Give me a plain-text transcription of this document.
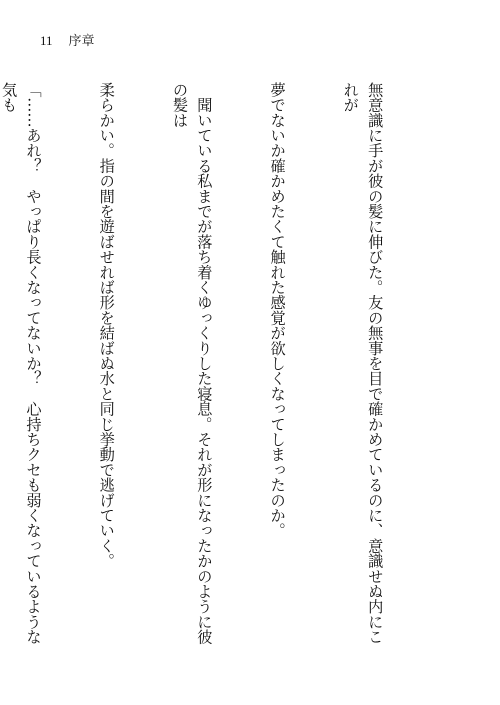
11 序章

無意識に手が彼の髪に伸びた。友の無事を目で確かめているのに、意識せぬ内にこれが

夢でないか確かめたくて触れた感覚が欲しくなってしまったのか。

　聞いている私までが落ち着くゆっくりした寝息。それが形になったかのように彼の髪は

柔らかい。指の間を遊ばせれば形を結ばぬ水と同じ挙動で逃げていく。

「……あれ？　やっぱり長くなってないか？　心持ちクセも弱くなっているような気も
